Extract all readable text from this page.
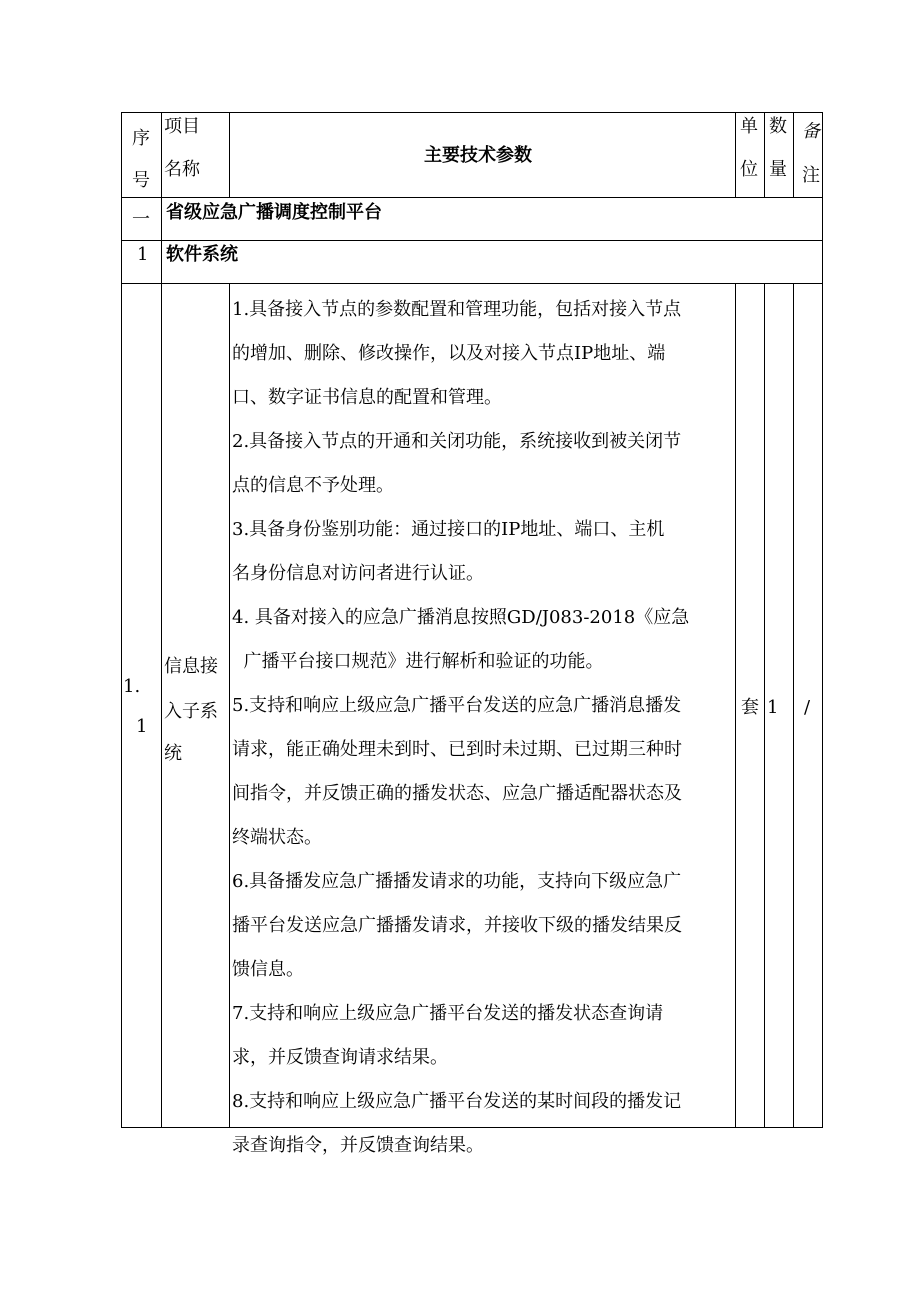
序
号
项目
名称
主要技术参数
单
位
数
量
备
注
一 省级应急广播调度控制平台
1 软件系统
1.
1
信息接
入子系
统
套 1 /
1.具备接入节点的参数配置和管理功能，包括对接入节点
的增加、删除、修改操作，以及对接入节点IP地址、端
口、数字证书信息的配置和管理。
2.具备接入节点的开通和关闭功能，系统接收到被关闭节
点的信息不予处理。
3.具备身份鉴别功能：通过接口的IP地址、端口、主机
名身份信息对访问者进行认证。
4. 具备对接入的应急广播消息按照GD/J083-2018《应急
广播平台接口规范》进行解析和验证的功能。
5.支持和响应上级应急广播平台发送的应急广播消息播发
请求，能正确处理未到时、已到时未过期、已过期三种时
间指令，并反馈正确的播发状态、应急广播适配器状态及
终端状态。
6.具备播发应急广播播发请求的功能，支持向下级应急广
播平台发送应急广播播发请求，并接收下级的播发结果反
馈信息。
7.支持和响应上级应急广播平台发送的播发状态查询请
求，并反馈查询请求结果。
8.支持和响应上级应急广播平台发送的某时间段的播发记
录查询指令，并反馈查询结果。
